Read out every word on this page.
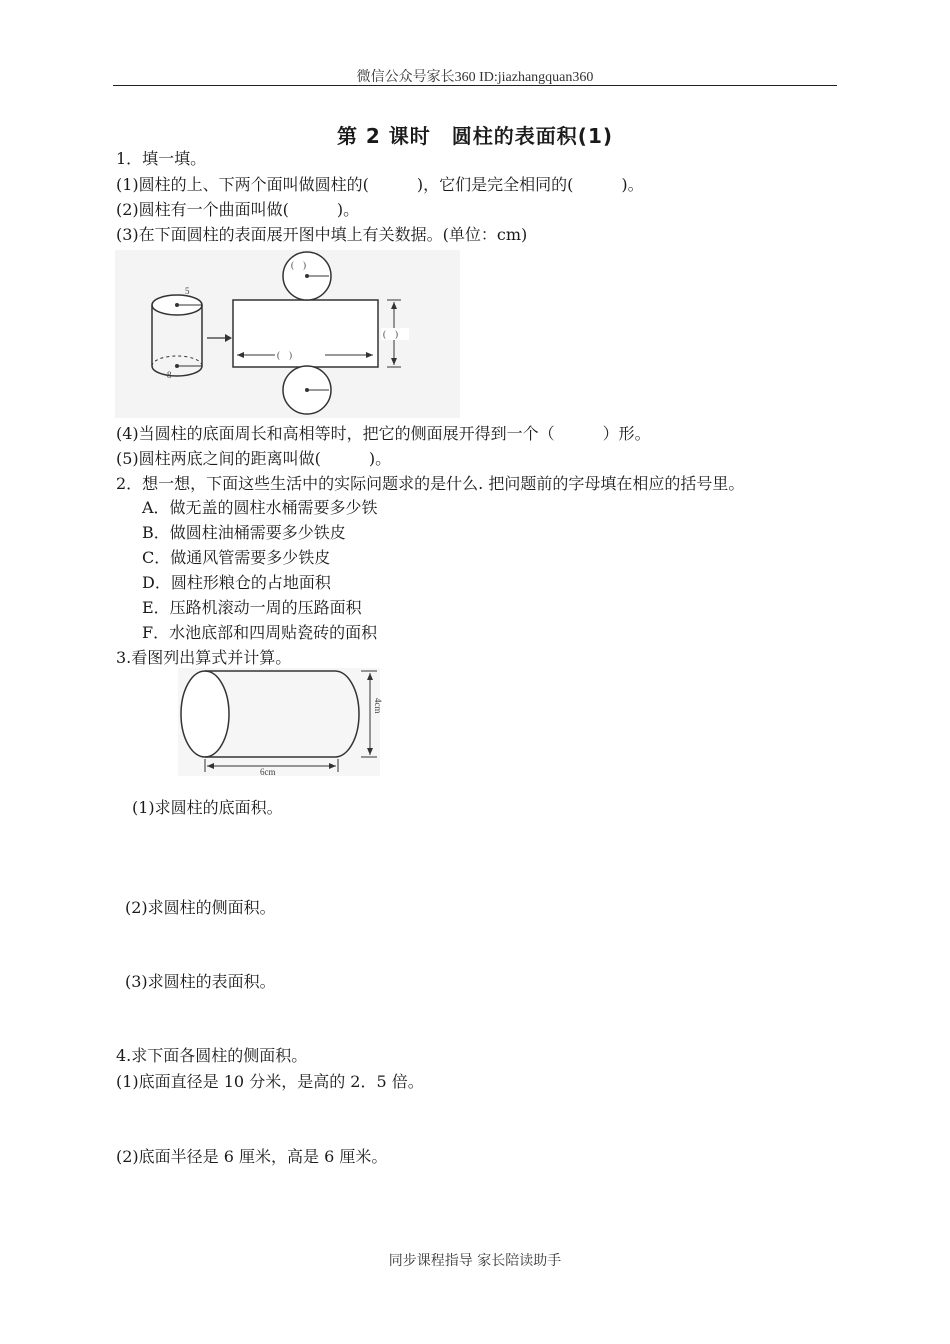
微信公众号家长360 ID:jiazhangquan360
第 2 课时　圆柱的表面积(1)
1．填一填。
(1)圆柱的上、下两个面叫做圆柱的(　　　)，它们是完全相同的(　　　)。
(2)圆柱有一个曲面叫做(　　　)。
(3)在下面圆柱的表面展开图中填上有关数据。(单位：cm)
5
8
(　)
(　)
(　)
(4)当圆柱的底面周长和高相等时，把它的侧面展开得到一个（　　　）形。
(5)圆柱两底之间的距离叫做(　　　)。
2．想一想，下面这些生活中的实际问题求的是什么. 把问题前的字母填在相应的括号里。
A．做无盖的圆柱水桶需要多少铁
B．做圆柱油桶需要多少铁皮
C．做通风管需要多少铁皮
D．圆柱形粮仓的占地面积
E．压路机滚动一周的压路面积
F．水池底部和四周贴瓷砖的面积
3.看图列出算式并计算。
6cm
4cm
(1)求圆柱的底面积。
(2)求圆柱的侧面积。
(3)求圆柱的表面积。
4.求下面各圆柱的侧面积。
(1)底面直径是 10 分米，是高的 2．5 倍。
(2)底面半径是 6 厘米，高是 6 厘米。
同步课程指导 家长陪读助手
